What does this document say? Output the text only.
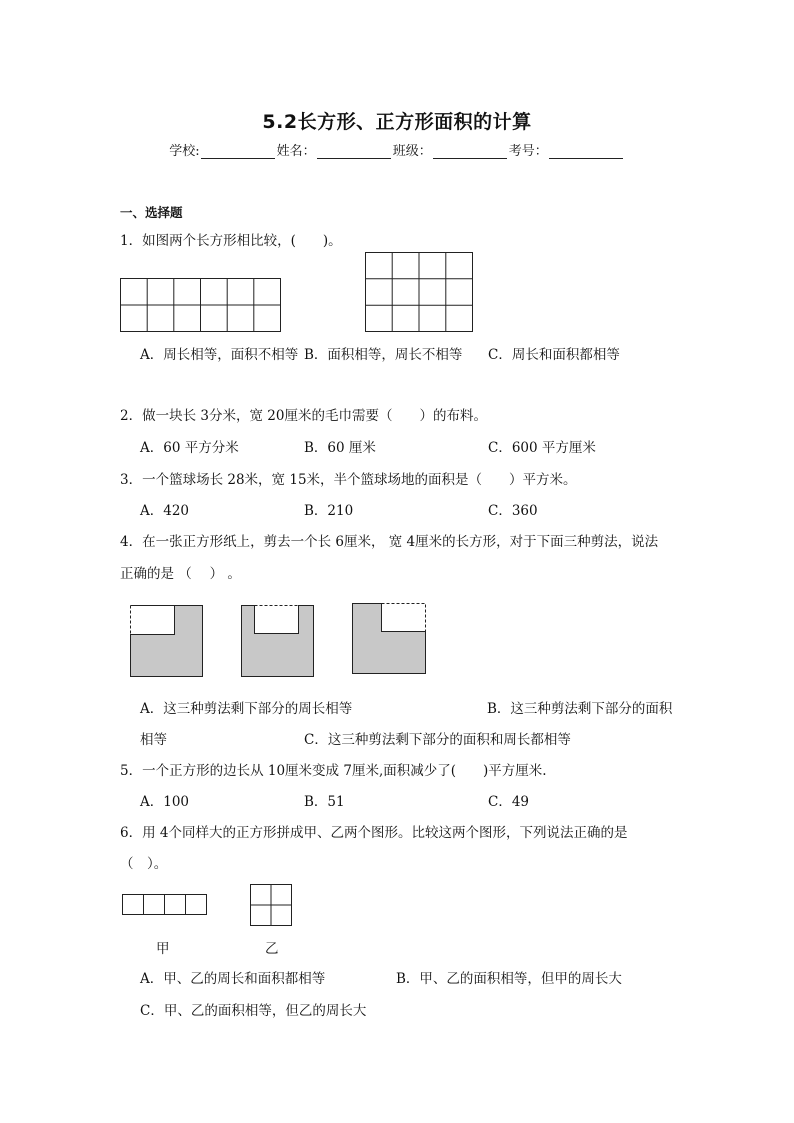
5.2长方形、正方形面积的计算
学校:	姓名：	班级：	考号：
一、选择题
1．如图两个长方形相比较，(　　)。
A．周长相等，面积不相等 B．面积相等，周长不相等 C．周长和面积都相等
2．做一块长 3分米，宽 20厘米的毛巾需要（　　）的布料。
A．60 平方分米	B．60 厘米	C．600 平方厘米
3．一个篮球场长 28米，宽 15米，半个篮球场地的面积是（　　）平方米。
A．420	B．210	C．360
4．在一张正方形纸上，剪去一个长 6厘米， 宽 4厘米的长方形，对于下面三种剪法，说法
正确的是 （　 ） 。
A．这三种剪法剩下部分的周长相等	B．这三种剪法剩下部分的面积
相等	C．这三种剪法剩下部分的面积和周长都相等
5．一个正方形的边长从 10厘米变成 7厘米,面积减少了(　　)平方厘米.
A．100	B．51	C．49
6．用 4个同样大的正方形拼成甲、乙两个图形。比较这两个图形，下列说法正确的是
（　）。
甲	乙
A．甲、乙的周长和面积都相等	B．甲、乙的面积相等，但甲的周长大
C．甲、乙的面积相等，但乙的周长大
